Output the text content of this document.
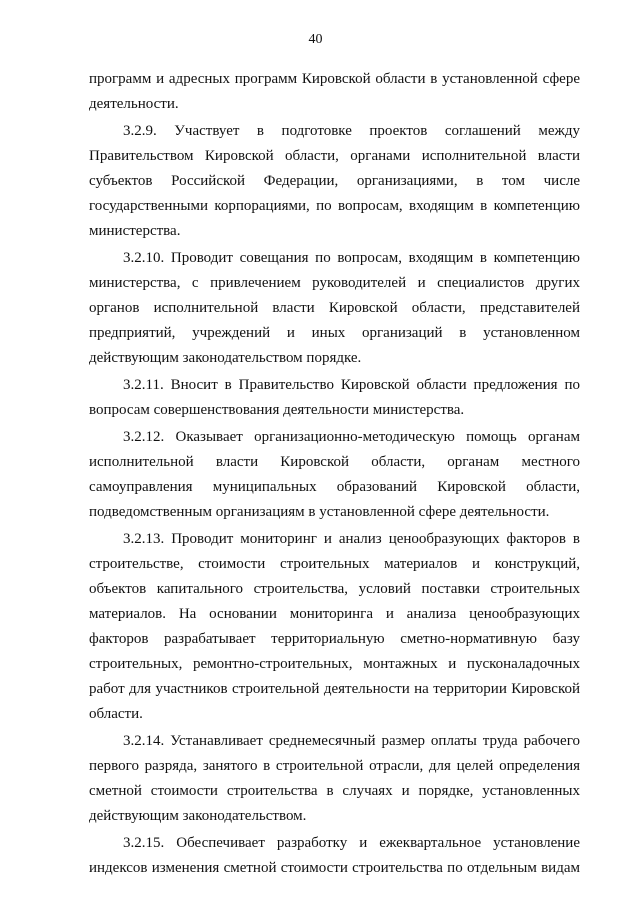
40

программ и адресных программ Кировской области в установленной сфере деятельности.

3.2.9. Участвует в подготовке проектов соглашений между Правительством Кировской области, органами исполнительной власти субъектов Российской Федерации, организациями, в том числе государственными корпорациями, по вопросам, входящим в компетенцию министерства.

3.2.10. Проводит совещания по вопросам, входящим в компетенцию министерства, с привлечением руководителей и специалистов других органов исполнительной власти Кировской области, представителей предприятий, учреждений и иных организаций в установленном действующим законодательством порядке.

3.2.11. Вносит в Правительство Кировской области предложения по вопросам совершенствования деятельности министерства.

3.2.12. Оказывает организационно-методическую помощь органам исполнительной власти Кировской области, органам местного самоуправления муниципальных образований Кировской области, подведомственным организациям в установленной сфере деятельности.

3.2.13. Проводит мониторинг и анализ ценообразующих факторов в строительстве, стоимости строительных материалов и конструкций, объектов капитального строительства, условий поставки строительных материалов. На основании мониторинга и анализа ценообразующих факторов разрабатывает территориальную сметно-нормативную базу строительных, ремонтно-строительных, монтажных и пусконаладочных работ для участников строительной деятельности на территории Кировской области.

3.2.14. Устанавливает среднемесячный размер оплаты труда рабочего первого разряда, занятого в строительной отрасли, для целей определения сметной стоимости строительства в случаях и порядке, установленных действующим законодательством.

3.2.15. Обеспечивает разработку и ежеквартальное установление индексов изменения сметной стоимости строительства по отдельным видам
